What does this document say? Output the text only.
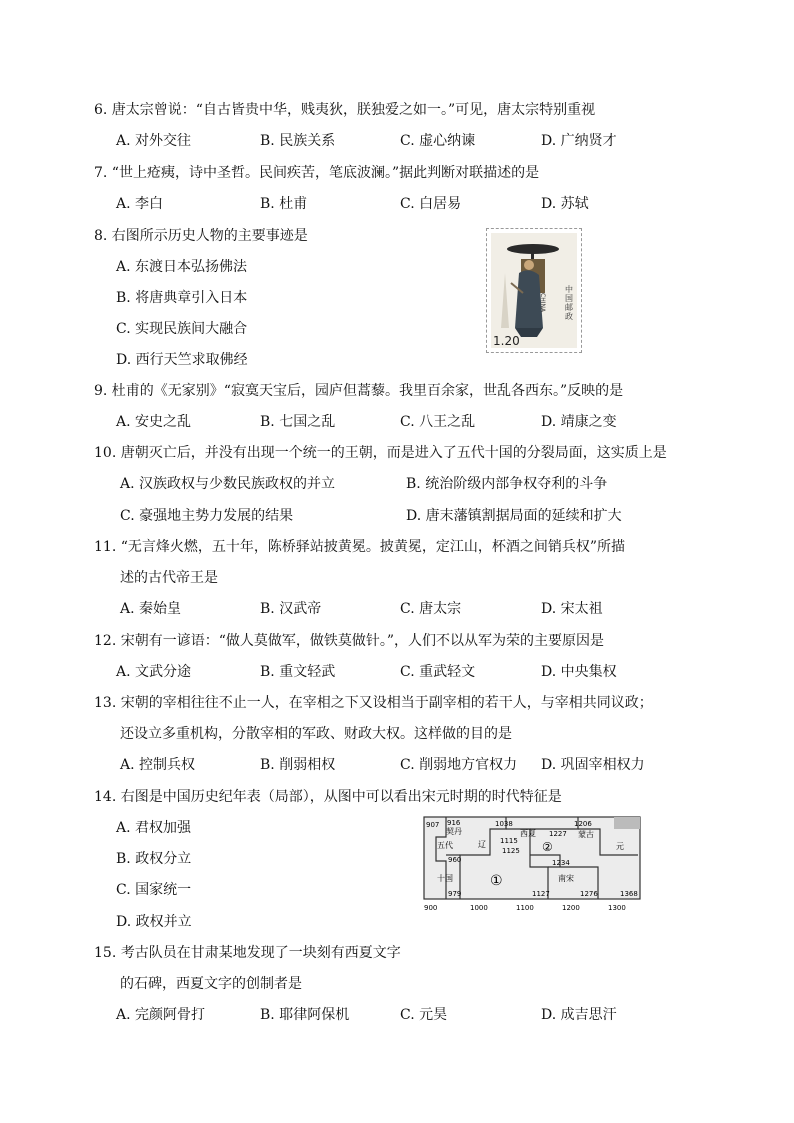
6. 唐太宗曾说：“自古皆贵中华，贱夷狄，朕独爱之如一。”可见，唐太宗特别重视
A. 对外交往	B. 民族关系	C. 虚心纳谏	D. 广纳贤才
7. “世上疮痍，诗中圣哲。民间疾苦，笔底波澜。”据此判断对联描述的是
A. 李白	B. 杜甫	C. 白居易	D. 苏轼
8. 右图所示历史人物的主要事迹是
A. 东渡日本弘扬佛法
B. 将唐典章引入日本
C. 实现民族间大融合
D. 西行天竺求取佛经
中国邮政
CHINA
1.20
9. 杜甫的《无家别》“寂寞天宝后，园庐但蒿藜。我里百余家，世乱各西东。”反映的是
A. 安史之乱	B. 七国之乱	C. 八王之乱	D. 靖康之变
10. 唐朝灭亡后，并没有出现一个统一的王朝，而是进入了五代十国的分裂局面，这实质上是
A. 汉族政权与少数民族政权的并立	B. 统治阶级内部争权夺利的斗争
C. 豪强地主势力发展的结果	D. 唐末藩镇割据局面的延续和扩大
11. “无言烽火燃，五十年，陈桥驿站披黄冕。披黄冕，定江山，杯酒之间销兵权”所描
述的古代帝王是
A. 秦始皇	B. 汉武帝	C. 唐太宗	D. 宋太祖
12. 宋朝有一谚语：“做人莫做军，做铁莫做针。”，人们不以从军为荣的主要原因是
A. 文武分途	B. 重文轻武	C. 重武轻文	D. 中央集权
13. 宋朝的宰相往往不止一人，在宰相之下又设相当于副宰相的若干人，与宰相共同议政；
还设立多重机构，分散宰相的军政、财政大权。这样做的目的是
A. 控制兵权	B. 削弱相权	C. 削弱地方官权力 D. 巩固宰相权力
14. 右图是中国历史纪年表（局部），从图中可以看出宋元时期的时代特征是
A. 君权加强
B. 政权分立
C. 国家统一
D. 政权并立
907 916
契丹
1038
西夏 1227
1206
蒙古
五代	辽 1115 ②	元
960
1125
1234
十国	①	南宋
979	1127	1276	1368
900	1000	1100	1200	1300
15. 考古队员在甘肃某地发现了一块刻有西夏文字
的石碑，西夏文字的创制者是
A. 完颜阿骨打	B. 耶律阿保机	C. 元昊	D. 成吉思汗
